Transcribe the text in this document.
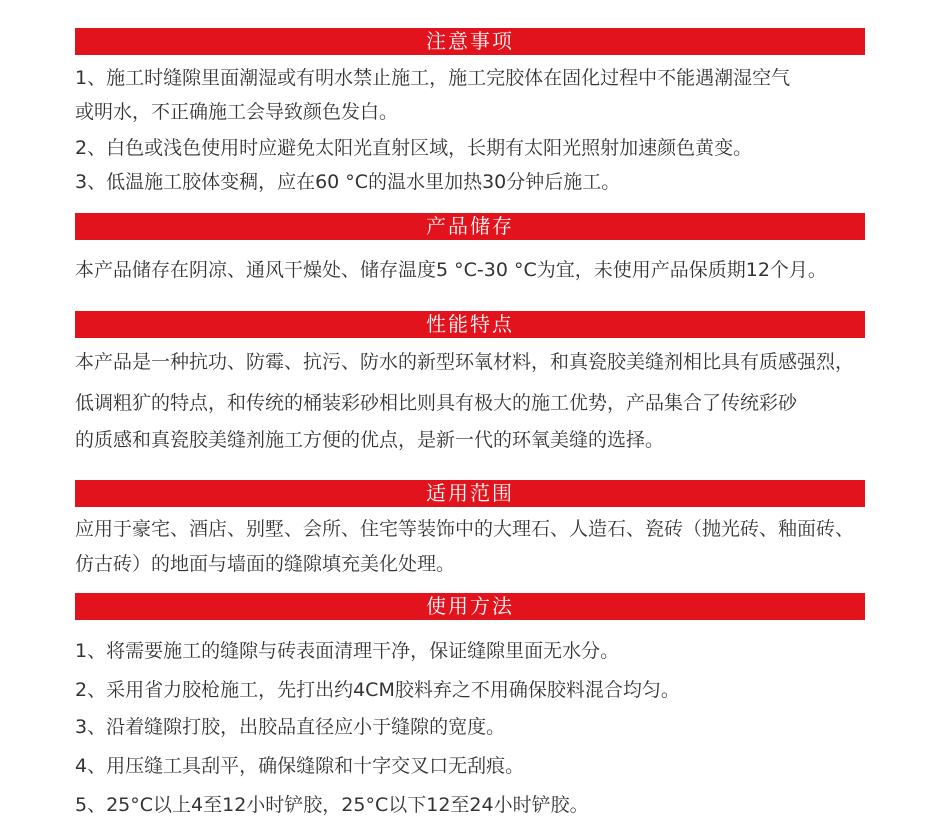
注意事项
1、施工时缝隙里面潮湿或有明水禁止施工，施工完胶体在固化过程中不能遇潮湿空气
或明水，不正确施工会导致颜色发白。
2、白色或浅色使用时应避免太阳光直射区域，长期有太阳光照射加速颜色黄变。
3、低温施工胶体变稠，应在60 °C的温水里加热30分钟后施工。
产品储存
本产品储存在阴凉、通风干燥处、储存温度5 °C-30 °C为宜，未使用产品保质期12个月。
性能特点
本产品是一种抗功、防霉、抗污、防水的新型环氧材料，和真瓷胶美缝剂相比具有质感强烈，
低调粗犷的特点，和传统的桶装彩砂相比则具有极大的施工优势，产品集合了传统彩砂
的质感和真瓷胶美缝剂施工方便的优点，是新一代的环氧美缝的选择。
适用范围
应用于豪宅、酒店、别墅、会所、住宅等装饰中的大理石、人造石、瓷砖（抛光砖、釉面砖、
仿古砖）的地面与墙面的缝隙填充美化处理。
使用方法
1、将需要施工的缝隙与砖表面清理干净，保证缝隙里面无水分。
2、采用省力胶枪施工，先打出约4CM胶料弃之不用确保胶料混合均匀。
3、沿着缝隙打胶，出胶品直径应小于缝隙的宽度。
4、用压缝工具刮平，确保缝隙和十字交叉口无刮痕。
5、25°C以上4至12小时铲胶，25°C以下12至24小时铲胶。
